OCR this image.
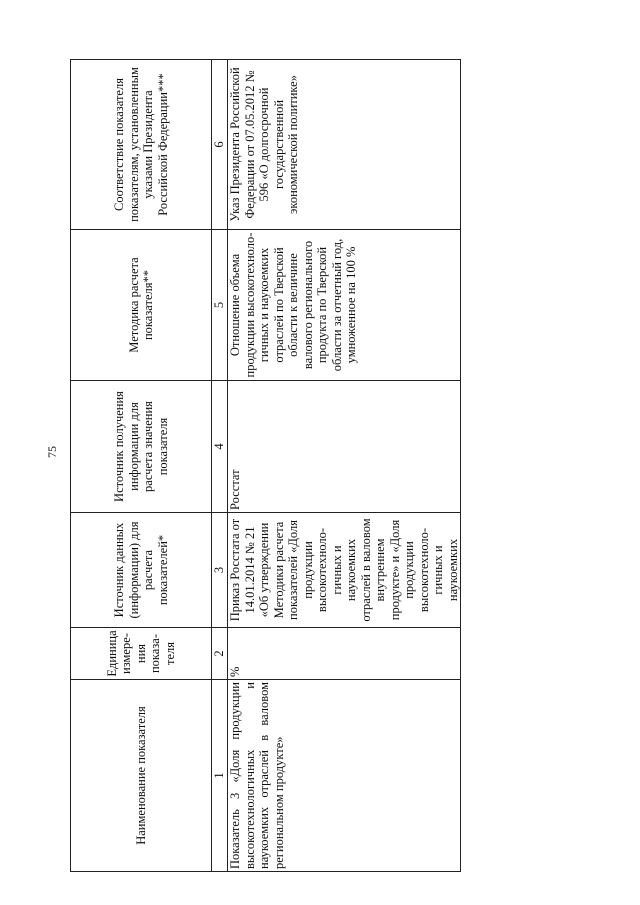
75
Наименование показателя	Единица измере-ния показа-теля	Источник данных (информации) для расчета показателей*	Источник получения информации для расчета значения показателя	Методика расчета показателя**	Соответствие показателя показателям, установленным указами Президента Российской Федерации***
1	2	3	4	5	6
Показатель 3 «Доля продукции высокотехнологичных и наукоемких отраслей в валовом региональном продукте»	%	Приказ Росстата от 14.01.2014 № 21 «Об утверждении Методики расчета показателей «Доля продукции высокотехноло-гичных и наукоемких отраслей в валовом внутреннем продукте» и «Доля продукции высокотехноло-гичных и наукоемких	Росстат	Отношение объема продукции высокотехноло-гичных и наукоемких отраслей по Тверской области к величине валового регионального продукта по Тверской области за отчетный год, умноженное на 100 %	Указ Президента Российской Федерации от 07.05.2012 № 596 «О долгосрочной государственной экономической политике»
